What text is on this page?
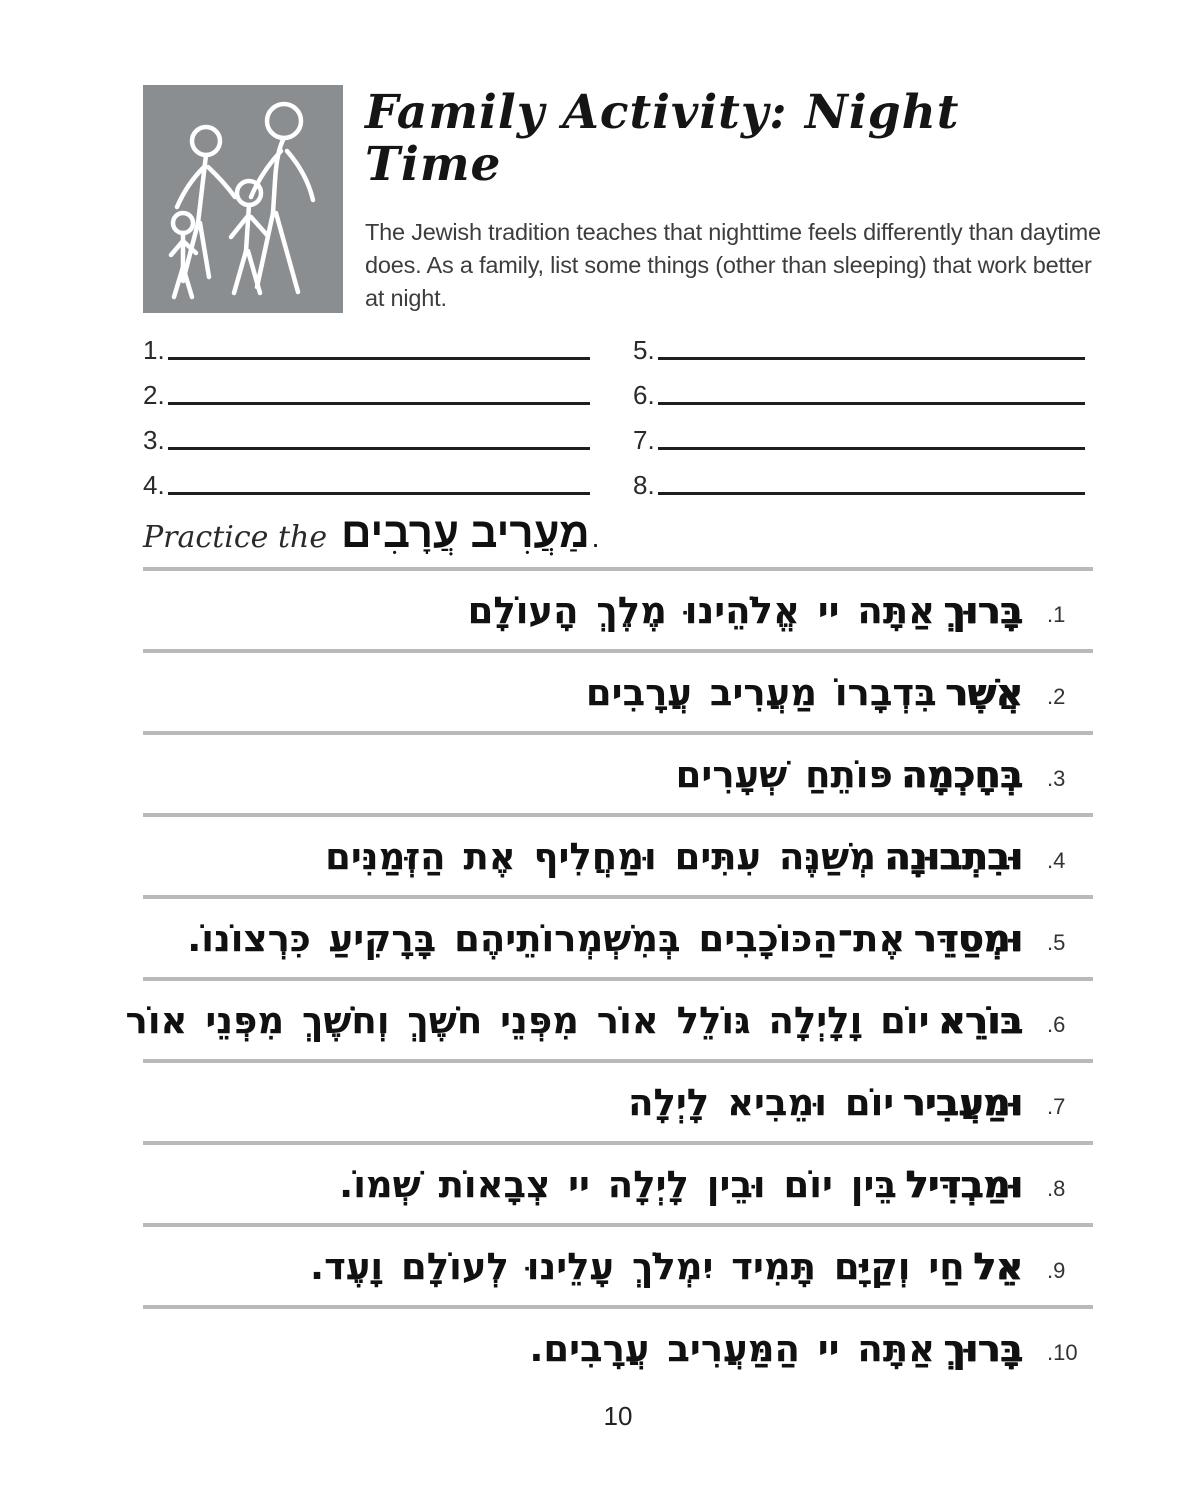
Family Activity: Night Time
The Jewish tradition teaches that nighttime feels differently than daytime does. As a family, list some things (other than sleeping) that work better at night.
1.	5.
2.	6.
3.	7.
4.	8.
Practice the מַעֲרִיב עֲרָבִים .
בָּרוּךְאַתָּה יי אֱלֹהֵינוּ מֶלֶךְ הָעוֹלָם	.1
אֲשֶׁרבִּדְבָרוֹ מַעֲרִיב עֲרָבִים	.2
בְּחָכְמָהפּוֹתֵחַ שְׁעָרִים	.3
וּבִתְבוּנָהמְשַׁנֶּה עִתִּים וּמַחֲלִיף אֶת הַזְּמַנִּים	.4
וּמְסַדֵּראֶת־הַכּוֹכָבִים בְּמִשְׁמְרוֹתֵיהֶם בָּרָקִיעַ כִּרְצוֹנוֹ.	.5
בּוֹרֵאיוֹם וָלָיְלָה גּוֹלֵל אוֹר מִפְּנֵי חֹשֶׁךְ וְחֹשֶׁךְ מִפְּנֵי אוֹר	.6
וּמַעֲבִיריוֹם וּמֵבִיא לָיְלָה	.7
וּמַבְדִּילבֵּין יוֹם וּבֵין לָיְלָה יי צְבָאוֹת שְׁמוֹ.	.8
אֵלחַי וְקַיָּם תָּמִיד יִמְלֹךְ עָלֵינוּ לְעוֹלָם וָעֶד.	.9
בָּרוּךְאַתָּה יי הַמַּעֲרִיב עֲרָבִים.	.10
10
